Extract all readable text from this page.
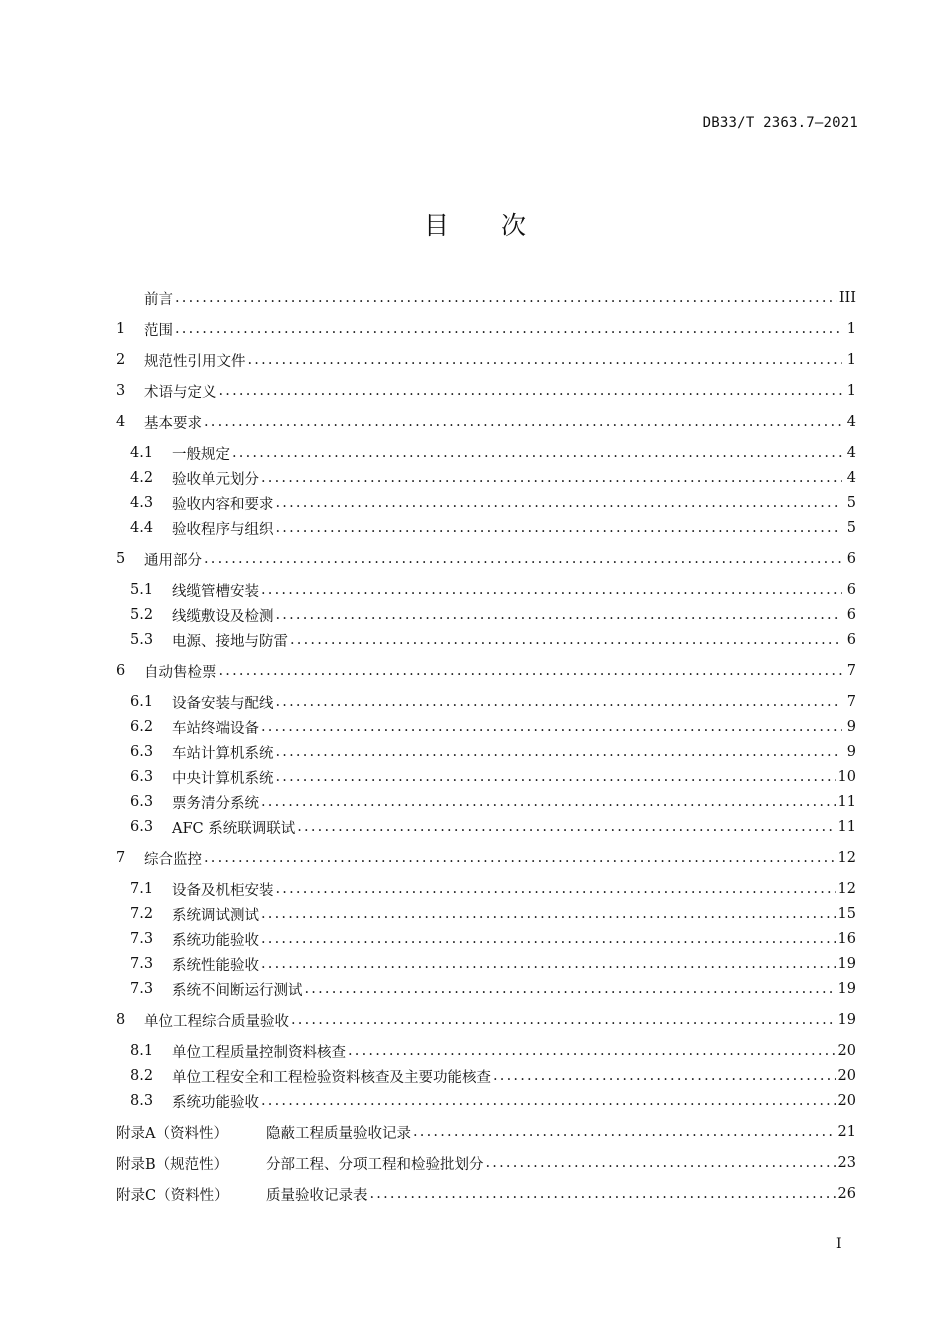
DB33/T 2363.7—2021
目 次
前言 .....	III
1	范围 .....	1
2	规范性引用文件 .....	1
3	术语与定义 .....	1
4	基本要求 .....	4
4.1	一般规定 .....	4
4.2	验收单元划分 .....	4
4.3	验收内容和要求 .....	5
4.4	验收程序与组织 .....	5
5	通用部分 .....	6
5.1	线缆管槽安装 .....	6
5.2	线缆敷设及检测 .....	6
5.3	电源、接地与防雷 .....	6
6	自动售检票 .....	7
6.1	设备安装与配线 .....	7
6.2	车站终端设备 .....	9
6.3	车站计算机系统 .....	9
6.3	中央计算机系统 .....	10
6.3	票务清分系统 .....	11
6.3	AFC 系统联调联试 .....	11
7	综合监控 .....	12
7.1	设备及机柜安装 .....	12
7.2	系统调试测试 .....	15
7.3	系统功能验收 .....	16
7.3	系统性能验收 .....	19
7.3	系统不间断运行测试 .....	19
8	单位工程综合质量验收 .....	19
8.1	单位工程质量控制资料核查 .....	20
8.2	单位工程安全和工程检验资料核查及主要功能核查 .....	20
8.3	系统功能验收 .....	20
附录A（资料性）	隐蔽工程质量验收记录 .....	21
附录B（规范性）	分部工程、分项工程和检验批划分 .....	23
附录C（资料性）	质量验收记录表 .....	26
I
